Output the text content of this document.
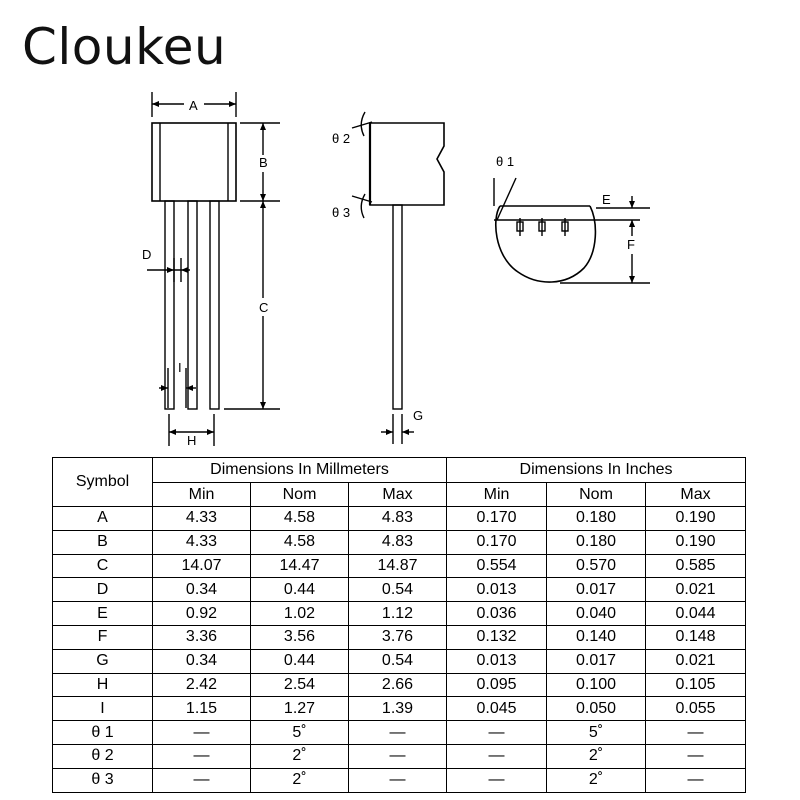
Cloukeu
A
B
C
D
I
H
θ 2
θ 3
G
θ 1
E
F
Symbol	Dimensions In Millmeters			Dimensions In Inches		
	Min	Nom	Max	Min	Nom	Max
A	4.33	4.58	4.83	0.170	0.180	0.190
B	4.33	4.58	4.83	0.170	0.180	0.190
C	14.07	14.47	14.87	0.554	0.570	0.585
D	0.34	0.44	0.54	0.013	0.017	0.021
E	0.92	1.02	1.12	0.036	0.040	0.044
F	3.36	3.56	3.76	0.132	0.140	0.148
G	0.34	0.44	0.54	0.013	0.017	0.021
H	2.42	2.54	2.66	0.095	0.100	0.105
I	1.15	1.27	1.39	0.045	0.050	0.055
θ 1	—	5˚	—	—	5˚	—
θ 2	—	2˚	—	—	2˚	—
θ 3	—	2˚	—	—	2˚	—
